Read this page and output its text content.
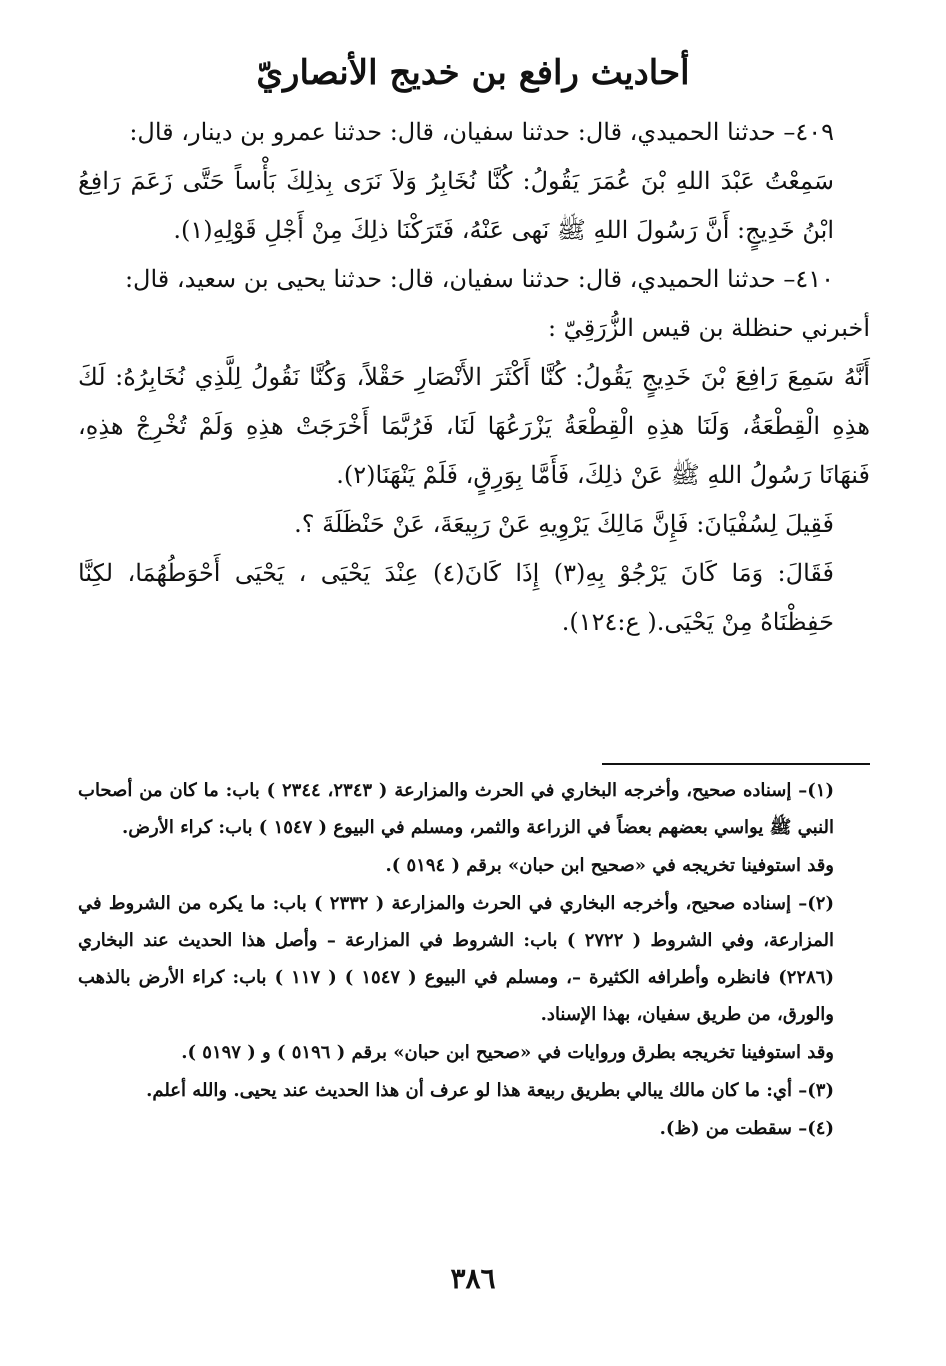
أحاديث رافع بن خديج الأنصاريّ

٤٠٩– حدثنا الحميدي، قال: حدثنا سفيان، قال: حدثنا عمرو بن دينار، قال:

سَمِعْتُ عَبْدَ اللهِ بْنَ عُمَرَ يَقُولُ: كُنَّا نُخَابِرُ وَلاَ نَرَى بِذلِكَ بَأْساً حَتَّى زَعَمَ رَافِعُ ابْنُ خَدِيجٍ: أَنَّ رَسُولَ اللهِ ﷺ نَهى عَنْهُ، فَتَرَكْنَا ذلِكَ مِنْ أَجْلِ قَوْلِهِ(١).

٤١٠– حدثنا الحميدي، قال: حدثنا سفيان، قال: حدثنا يحيى بن سعيد، قال:

أخبرني حنظلة بن قيس الزُّرَقِيّ :

أَنَّهُ سَمِعَ رَافِعَ بْنَ خَدِيجٍ يَقُولُ: كُنَّا أَكْثَرَ الأَنْصَارِ حَقْلاً، وَكُنَّا نَقُولُ لِلَّذِي نُخَابِرُهُ: لَكَ هذِهِ الْقِطْعَةُ، وَلَنَا هذِهِ الْقِطْعَةُ يَزْرَعُهَا لَنَا، فَرُبَّمَا أَخْرَجَتْ هذِهِ وَلَمْ تُخْرِجْ هذِهِ، فَنهَانَا رَسُولُ اللهِ ﷺ عَنْ ذلِكَ، فَأَمَّا بِوَرِقٍ، فَلَمْ يَنْهَنَا(٢).

فَقِيلَ لِسُفْيَانَ: فَإِنَّ مَالِكَ يَرْوِيهِ عَنْ رَبِيعَةَ، عَنْ حَنْظَلَةَ ؟.

فَقَالَ: وَمَا كَانَ يَرْجُوْ بِهِ(٣) إِذَا كَانَ(٤) عِنْدَ يَحْيَى ، يَحْيَى أَحْوَطُهُمَا، لكِنَّا حَفِظْنَاهُ مِنْ يَحْيَى.( ع:١٢٤).

(١)– إسناده صحيح، وأخرجه البخاري في الحرث والمزارعة ( ٢٣٤٣، ٢٣٤٤ ) باب: ما كان من أصحاب النبي ﷺ يواسي بعضهم بعضاً في الزراعة والثمر، ومسلم في البيوع ( ١٥٤٧ ) باب: كراء الأرض.

وقد استوفينا تخريجه في «صحيح ابن حبان» برقم ( ٥١٩٤ ).

(٢)– إسناده صحيح، وأخرجه البخاري في الحرث والمزارعة ( ٢٣٣٢ ) باب: ما يكره من الشروط في المزارعة، وفي الشروط ( ٢٧٢٢ ) باب: الشروط في المزارعة – وأصل هذا الحديث عند البخاري (٢٢٨٦) فانظره وأطرافه الكثيرة –، ومسلم في البيوع ( ١٥٤٧ ) ( ١١٧ ) باب: كراء الأرض بالذهب والورق، من طريق سفيان، بهذا الإسناد.

وقد استوفينا تخريجه بطرق وروايات في «صحيح ابن حبان» برقم ( ٥١٩٦ ) و ( ٥١٩٧ ).

(٣)– أي: ما كان مالك يبالي بطريق ربيعة هذا لو عرف أن هذا الحديث عند يحيى. والله أعلم.

(٤)– سقطت من (ظ).

٣٨٦
